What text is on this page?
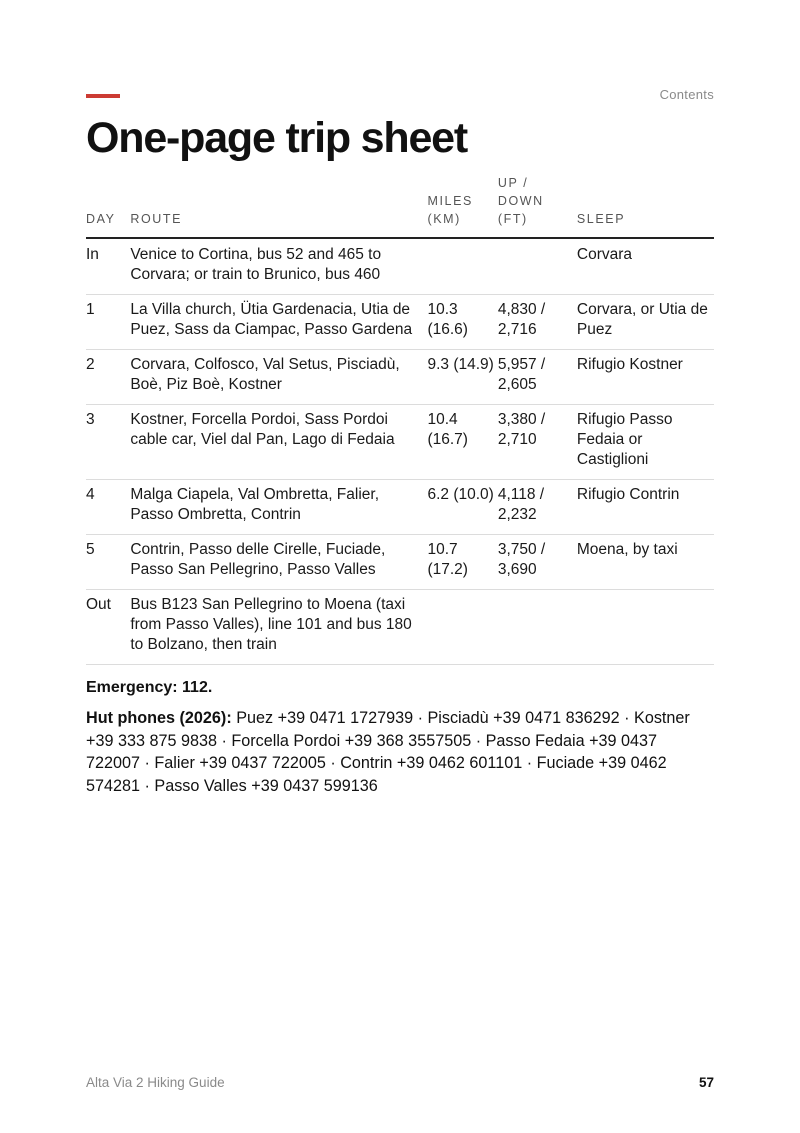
Contents
One-page trip sheet
DAY	ROUTE	MILES (KM)	UP / DOWN (FT)	SLEEP
In	Venice to Cortina, bus 52 and 465 to Corvara; or train to Brunico, bus 460			Corvara
1	La Villa church, Ütia Gardenacia, Utia de Puez, Sass da Ciampac, Passo Gardena	10.3 (16.6)	4,830 / 2,716	Corvara, or Utia de Puez
2	Corvara, Colfosco, Val Setus, Pisciadù, Boè, Piz Boè, Kostner	9.3 (14.9)	5,957 / 2,605	Rifugio Kostner
3	Kostner, Forcella Pordoi, Sass Pordoi cable car, Viel dal Pan, Lago di Fedaia	10.4 (16.7)	3,380 / 2,710	Rifugio Passo Fedaia or Castiglioni
4	Malga Ciapela, Val Ombretta, Falier, Passo Ombretta, Contrin	6.2 (10.0)	4,118 / 2,232	Rifugio Contrin
5	Contrin, Passo delle Cirelle, Fuciade, Passo San Pellegrino, Passo Valles	10.7 (17.2)	3,750 / 3,690	Moena, by taxi
Out	Bus B123 San Pellegrino to Moena (taxi from Passo Valles), line 101 and bus 180 to Bolzano, then train			

Emergency: 112.

Hut phones (2026): Puez +39 0471 1727939 · Pisciadù +39 0471 836292 · Kostner +39 333 875 9838 · Forcella Pordoi +39 368 3557505 · Passo Fedaia +39 0437 722007 · Falier +39 0437 722005 · Contrin +39 0462 601101 · Fuciade +39 0462 574281 · Passo Valles +39 0437 599136

Alta Via 2 Hiking Guide	57
